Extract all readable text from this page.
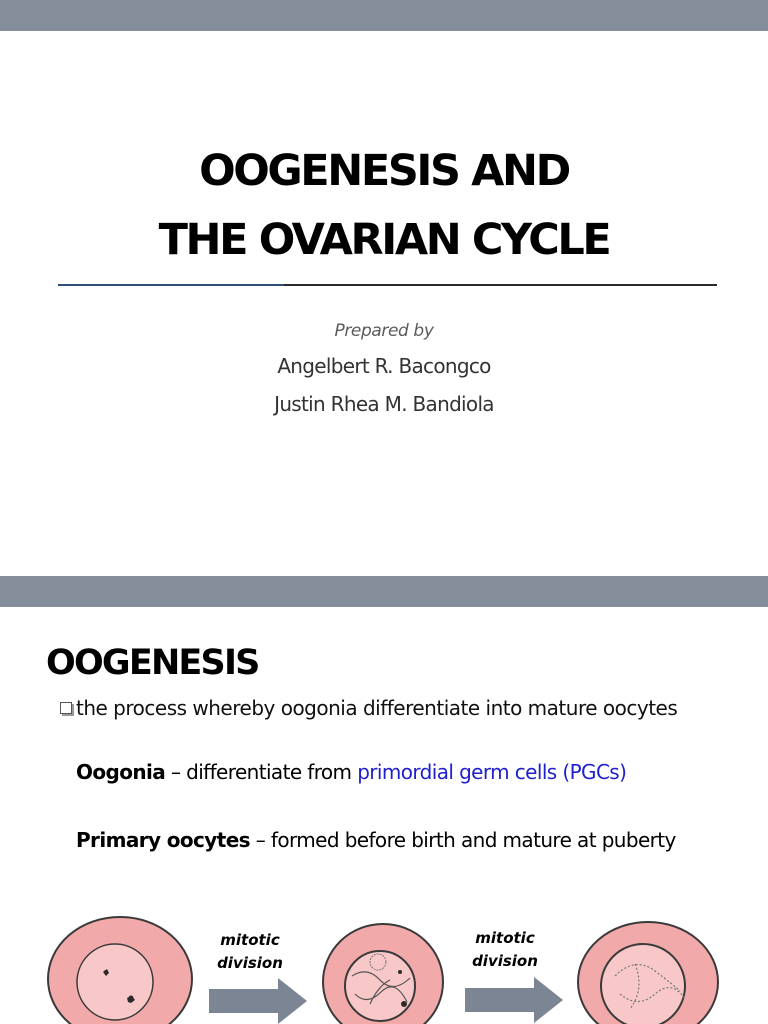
OOGENESIS AND
THE OVARIAN CYCLE
Prepared by
Angelbert R. Bacongco
Justin Rhea M. Bandiola
OOGENESIS
the process whereby oogonia differentiate into mature oocytes
Oogonia – differentiate from primordial germ cells (PGCs)
Primary oocytes – formed before birth and mature at puberty
mitotic
division
mitotic
division
